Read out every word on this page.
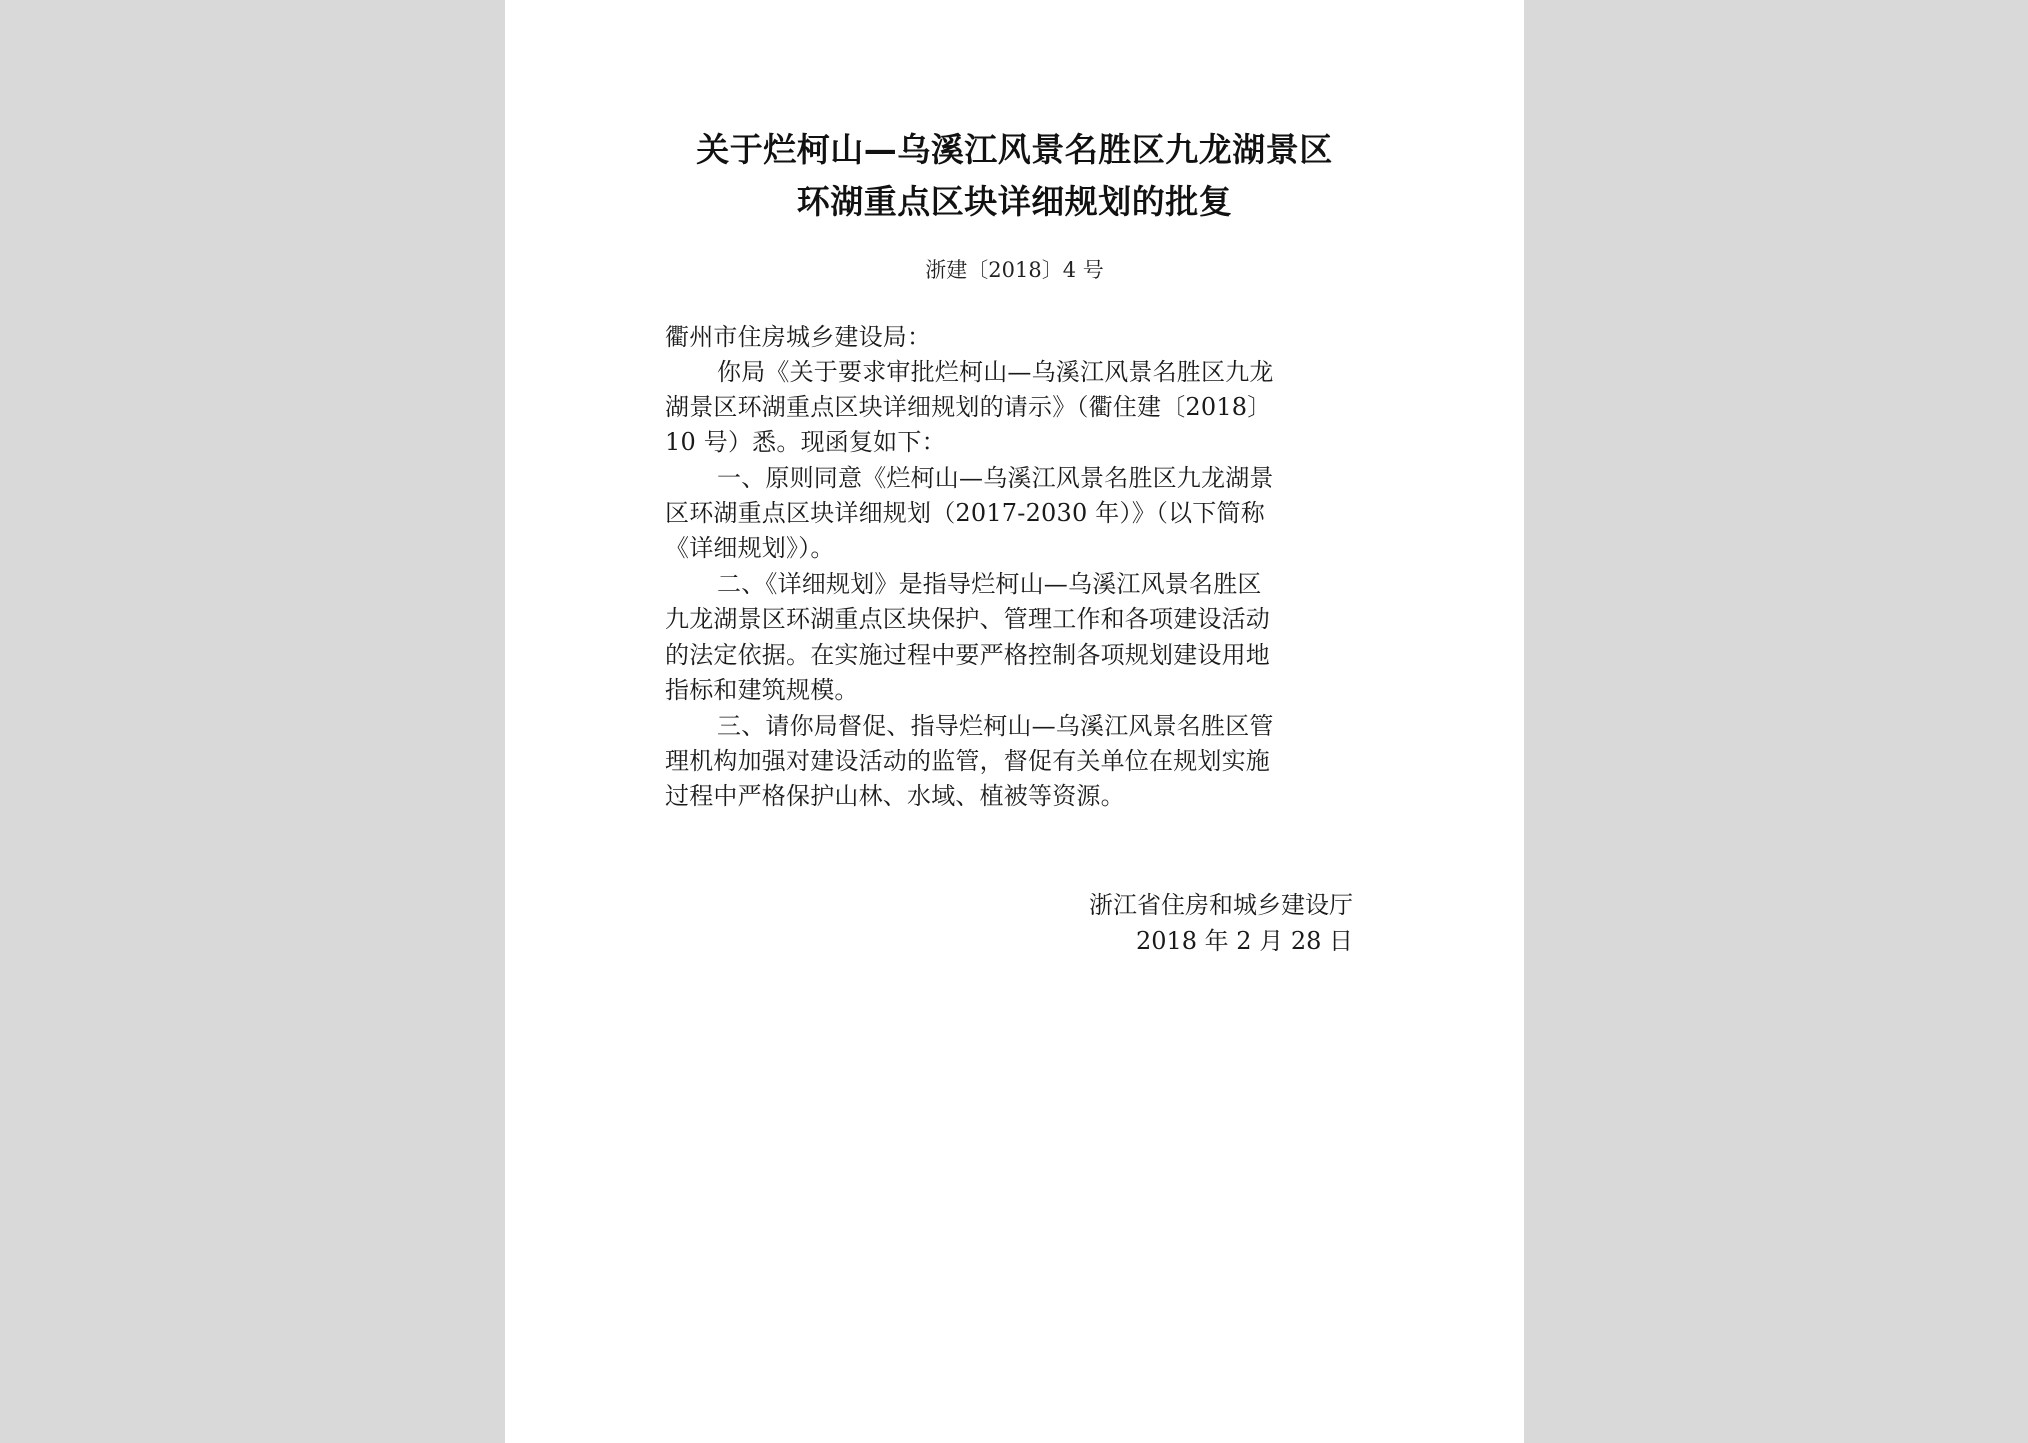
关于烂柯山—乌溪江风景名胜区九龙湖景区
环湖重点区块详细规划的批复
浙建〔2018〕4 号
衢州市住房城乡建设局：
你局《关于要求审批烂柯山—乌溪江风景名胜区九龙
湖景区环湖重点区块详细规划的请示》（衢住建〔2018〕
10 号）悉。现函复如下：
一、原则同意《烂柯山—乌溪江风景名胜区九龙湖景
区环湖重点区块详细规划（2017-2030 年）》（以下简称
《详细规划》）。
二、《详细规划》是指导烂柯山—乌溪江风景名胜区
九龙湖景区环湖重点区块保护、管理工作和各项建设活动
的法定依据。在实施过程中要严格控制各项规划建设用地
指标和建筑规模。
三、请你局督促、指导烂柯山—乌溪江风景名胜区管
理机构加强对建设活动的监管，督促有关单位在规划实施
过程中严格保护山林、水域、植被等资源。
浙江省住房和城乡建设厅
2018 年 2 月 28 日
